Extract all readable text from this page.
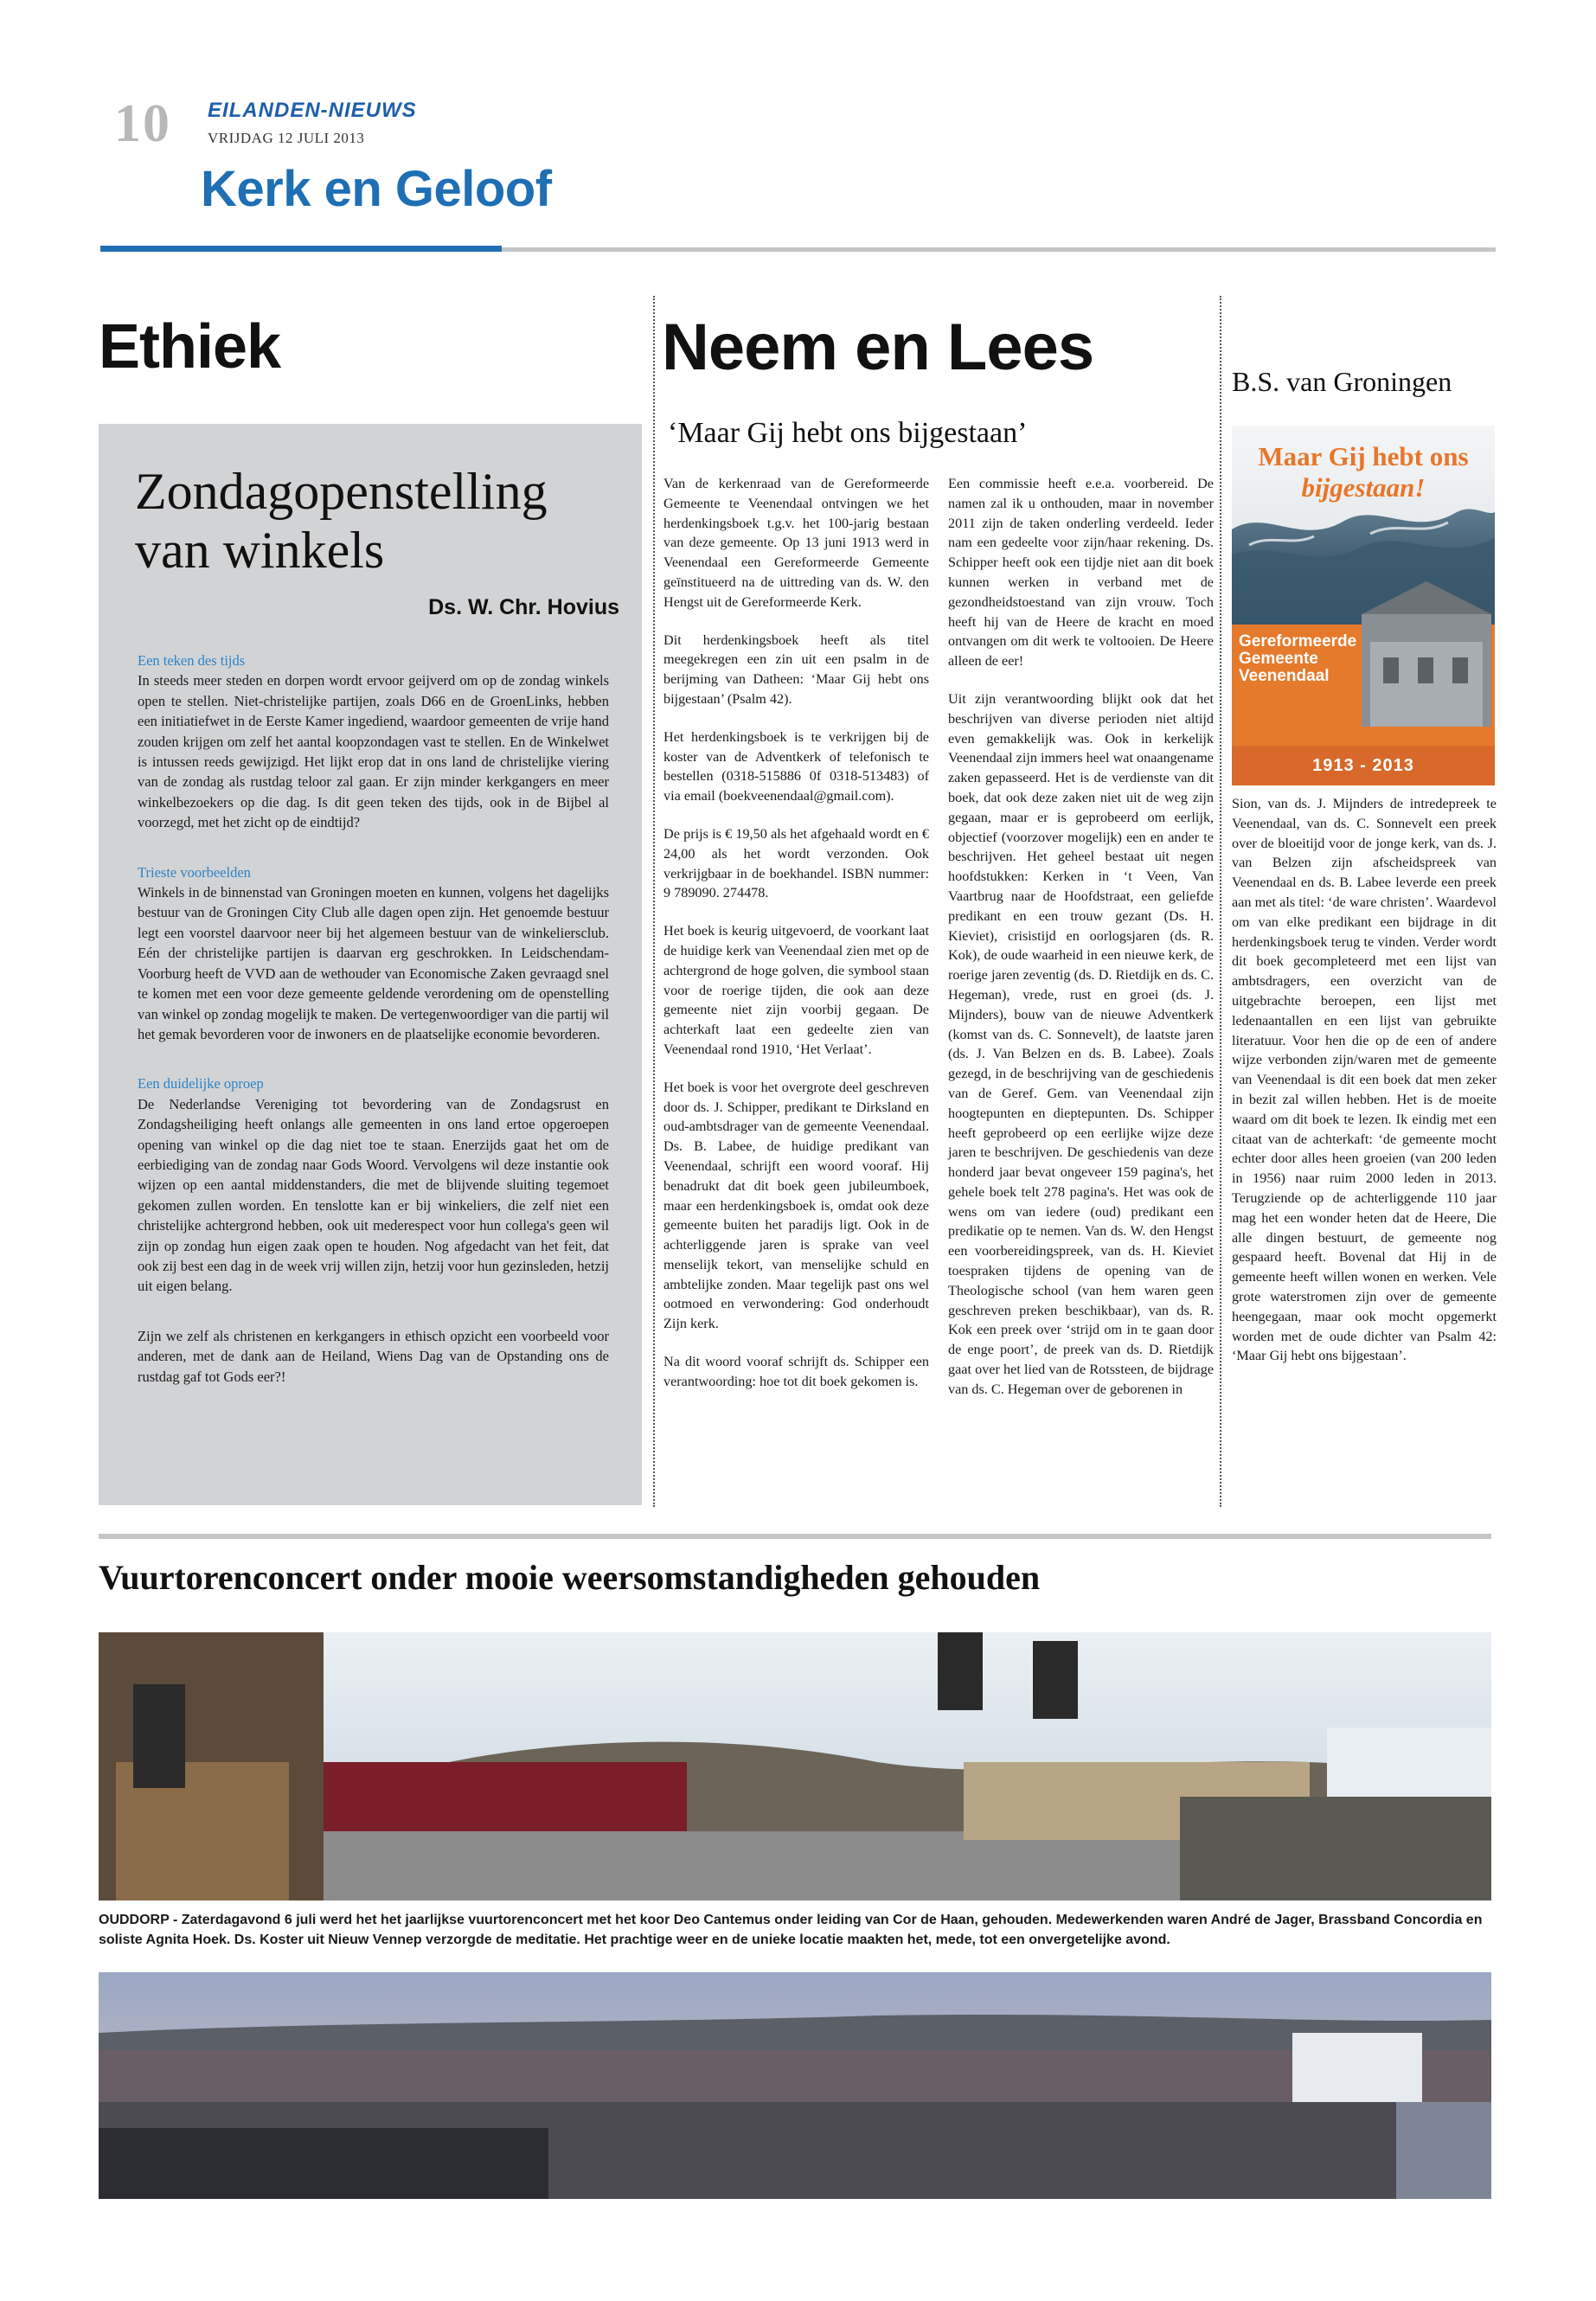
10 EILANDEN-NIEUWS
VRIJDAG 12 JULI 2013
Kerk en Geloof
Ethiek
Zondagopenstelling van winkels
Ds. W. Chr. Hovius

Een teken des tijds

In steeds meer steden en dorpen wordt ervoor geijverd om op de zondag winkels open te stellen. Niet-christelijke partijen, zoals D66 en de GroenLinks, hebben een initiatiefwet in de Eerste Kamer ingediend, waardoor gemeenten de vrije hand zouden krijgen om zelf het aantal koopzondagen vast te stellen. En de Winkelwet is intussen reeds gewijzigd. Het lijkt erop dat in ons land de christelijke viering van de zondag als rustdag teloor zal gaan. Er zijn minder kerkgangers en meer winkelbezoekers op die dag. Is dit geen teken des tijds, ook in de Bijbel al voorzegd, met het zicht op de eindtijd?

Trieste voorbeelden

Winkels in de binnenstad van Groningen moeten en kunnen, volgens het dagelijks bestuur van de Groningen City Club alle dagen open zijn. Het genoemde bestuur legt een voorstel daarvoor neer bij het algemeen bestuur van de winkeliersclub. Eén der christelijke partijen is daarvan erg geschrokken. In Leidschendam-Voorburg heeft de VVD aan de wethouder van Economische Zaken gevraagd snel te komen met een voor deze gemeente geldende verordening om de openstelling van winkel op zondag mogelijk te maken. De vertegenwoordiger van die partij wil het gemak bevorderen voor de inwoners en de plaatselijke economie bevorderen.

Een duidelijke oproep

De Nederlandse Vereniging tot bevordering van de Zondagsrust en Zondagsheiliging heeft onlangs alle gemeenten in ons land ertoe opgeroepen opening van winkel op die dag niet toe te staan. Enerzijds gaat het om de eerbiediging van de zondag naar Gods Woord. Vervolgens wil deze instantie ook wijzen op een aantal middenstanders, die met de blijvende sluiting tegemoet gekomen zullen worden. En tenslotte kan er bij winkeliers, die zelf niet een christelijke achtergrond hebben, ook uit mederespect voor hun collega's geen wil zijn op zondag hun eigen zaak open te houden. Nog afgedacht van het feit, dat ook zij best een dag in de week vrij willen zijn, hetzij voor hun gezinsleden, hetzij uit eigen belang.

Zijn we zelf als christenen en kerkgangers in ethisch opzicht een voorbeeld voor anderen, met de dank aan de Heiland, Wiens Dag van de Opstanding ons de rustdag gaf tot Gods eer?!

Neem en Lees
‘Maar Gij hebt ons bijgestaan’

Van de kerkenraad van de Gereformeerde Gemeente te Veenendaal ontvingen we het herdenkingsboek t.g.v. het 100-jarig bestaan van deze gemeente. Op 13 juni 1913 werd in Veenendaal een Gereformeerde Gemeente geïnstitueerd na de uittreding van ds. W. den Hengst uit de Gereformeerde Kerk.

Dit herdenkingsboek heeft als titel meegekregen een zin uit een psalm in de berijming van Datheen: ‘Maar Gij hebt ons bijgestaan’ (Psalm 42).

Het herdenkingsboek is te verkrijgen bij de koster van de Adventkerk of telefonisch te bestellen (0318-515886 0f 0318-513483) of via email (boekveenendaal@gmail.com).

De prijs is € 19,50 als het afgehaald wordt en € 24,00 als het wordt verzonden. Ook verkrijgbaar in de boekhandel. ISBN nummer: 9 789090. 274478.

Het boek is keurig uitgevoerd, de voorkant laat de huidige kerk van Veenendaal zien met op de achtergrond de hoge golven, die symbool staan voor de roerige tijden, die ook aan deze gemeente niet zijn voorbij gegaan. De achterkaft laat een gedeelte zien van Veenendaal rond 1910, ‘Het Verlaat’.

Het boek is voor het overgrote deel geschreven door ds. J. Schipper, predikant te Dirksland en oud-ambtsdrager van de gemeente Veenendaal. Ds. B. Labee, de huidige predikant van Veenendaal, schrijft een woord vooraf. Hij benadrukt dat dit boek geen jubileumboek, maar een herdenkingsboek is, omdat ook deze gemeente buiten het paradijs ligt. Ook in de achterliggende jaren is sprake van veel menselijk tekort, van menselijke schuld en ambtelijke zonden. Maar tegelijk past ons wel ootmoed en verwondering: God onderhoudt Zijn kerk.

Na dit woord vooraf schrijft ds. Schipper een verantwoording: hoe tot dit boek gekomen is.

Een commissie heeft e.e.a. voorbereid. De namen zal ik u onthouden, maar in november 2011 zijn de taken onderling verdeeld. Ieder nam een gedeelte voor zijn/haar rekening. Ds. Schipper heeft ook een tijdje niet aan dit boek kunnen werken in verband met de gezondheidstoestand van zijn vrouw. Toch heeft hij van de Heere de kracht en moed ontvangen om dit werk te voltooien. De Heere alleen de eer!

Uit zijn verantwoording blijkt ook dat het beschrijven van diverse perioden niet altijd even gemakkelijk was. Ook in kerkelijk Veenendaal zijn immers heel wat onaangename zaken gepasseerd. Het is de verdienste van dit boek, dat ook deze zaken niet uit de weg zijn gegaan, maar er is geprobeerd om eerlijk, objectief (voorzover mogelijk) een en ander te beschrijven. Het geheel bestaat uit negen hoofdstukken: Kerken in ‘t Veen, Van Vaartbrug naar de Hoofdstraat, een geliefde predikant en een trouw gezant (Ds. H. Kieviet), crisistijd en oorlogsjaren (ds. R. Kok), de oude waarheid in een nieuwe kerk, de roerige jaren zeventig (ds. D. Rietdijk en ds. C. Hegeman), vrede, rust en groei (ds. J. Mijnders), bouw van de nieuwe Adventkerk (komst van ds. C. Sonnevelt), de laatste jaren (ds. J. Van Belzen en ds. B. Labee). Zoals gezegd, in de beschrijving van de geschiedenis van de Geref. Gem. van Veenendaal zijn hoogtepunten en dieptepunten. Ds. Schipper heeft geprobeerd op een eerlijke wijze deze jaren te beschrijven. De geschiedenis van deze honderd jaar bevat ongeveer 159 pagina's, het gehele boek telt 278 pagina's. Het was ook de wens om van iedere (oud) predikant een predikatie op te nemen. Van ds. W. den Hengst een voorbereidingspreek, van ds. H. Kieviet toespraken tijdens de opening van de Theologische school (van hem waren geen geschreven preken beschikbaar), van ds. R. Kok een preek over ‘strijd om in te gaan door de enge poort’, de preek van ds. D. Rietdijk gaat over het lied van de Rotssteen, de bijdrage van ds. C. Hegeman over de geborenen in

B.S. van Groningen
Maar Gij hebt ons
bijgestaan!
Gereformeerde
Gemeente
Veenendaal
1913 - 2013

Sion, van ds. J. Mijnders de intredepreek te Veenendaal, van ds. C. Sonnevelt een preek over de bloeitijd voor de jonge kerk, van ds. J. van Belzen zijn afscheidspreek van Veenendaal en ds. B. Labee leverde een preek aan met als titel: ‘de ware christen’. Waardevol om van elke predikant een bijdrage in dit herdenkingsboek terug te vinden. Verder wordt dit boek gecompleteerd met een lijst van ambtsdragers, een overzicht van de uitgebrachte beroepen, een lijst met ledenaantallen en een lijst van gebruikte literatuur. Voor hen die op de een of andere wijze verbonden zijn/waren met de gemeente van Veenendaal is dit een boek dat men zeker in bezit zal willen hebben. Het is de moeite waard om dit boek te lezen. Ik eindig met een citaat van de achterkaft: ‘de gemeente mocht echter door alles heen groeien (van 200 leden in 1956) naar ruim 2000 leden in 2013. Terugziende op de achterliggende 110 jaar mag het een wonder heten dat de Heere, Die alle dingen bestuurt, de gemeente nog gespaard heeft. Bovenal dat Hij in de gemeente heeft willen wonen en werken. Vele grote waterstromen zijn over de gemeente heengegaan, maar ook mocht opgemerkt worden met de oude dichter van Psalm 42: ‘Maar Gij hebt ons bijgestaan’.

Vuurtorenconcert onder mooie weersomstandigheden gehouden
OUDDORP - Zaterdagavond 6 juli werd het het jaarlijkse vuurtorenconcert met het koor Deo Cantemus onder leiding van Cor de Haan, gehouden. Medewerkenden waren André de Jager, Brassband Concordia en soliste Agnita Hoek. Ds. Koster uit Nieuw Vennep verzorgde de meditatie. Het prachtige weer en de unieke locatie maakten het, mede, tot een onvergetelijke avond.
